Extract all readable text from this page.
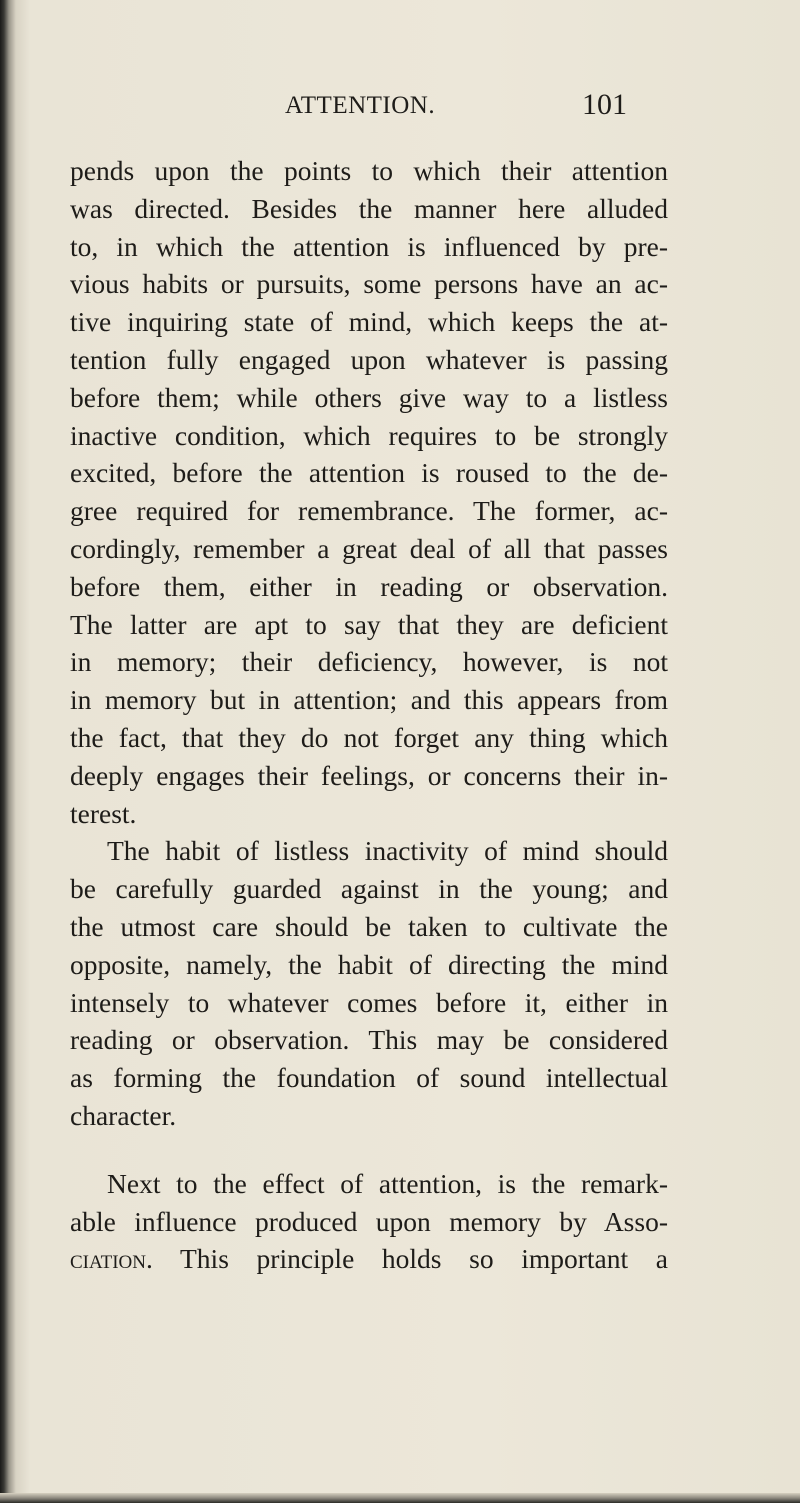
ATTENTION.	101
pends upon the points to which their attention
was directed. Besides the manner here alluded
to, in which the attention is influenced by pre-
vious habits or pursuits, some persons have an ac-
tive inquiring state of mind, which keeps the at-
tention fully engaged upon whatever is passing
before them; while others give way to a listless
inactive condition, which requires to be strongly
excited, before the attention is roused to the de-
gree required for remembrance. The former, ac-
cordingly, remember a great deal of all that passes
before them, either in reading or observation.
The latter are apt to say that they are deficient
in memory; their deficiency, however, is not
in memory but in attention; and this appears from
the fact, that they do not forget any thing which
deeply engages their feelings, or concerns their in-
terest.
The habit of listless inactivity of mind should
be carefully guarded against in the young; and
the utmost care should be taken to cultivate the
opposite, namely, the habit of directing the mind
intensely to whatever comes before it, either in
reading or observation. This may be considered
as forming the foundation of sound intellectual
character.
Next to the effect of attention, is the remark-
able influence produced upon memory by Asso-
ciation. This principle holds so important a
